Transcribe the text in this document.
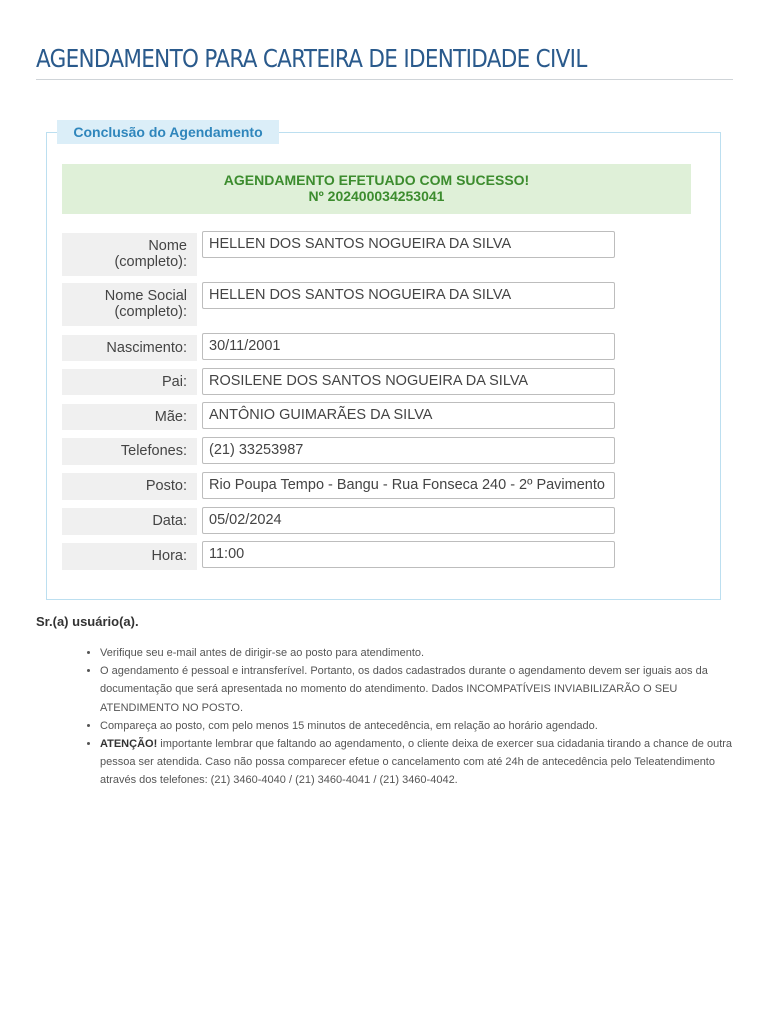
AGENDAMENTO PARA CARTEIRA DE IDENTIDADE CIVIL
Conclusão do Agendamento
AGENDAMENTO EFETUADO COM SUCESSO!
Nº 202400034253041
Nome
(completo):
HELLEN DOS SANTOS NOGUEIRA DA SILVA
Nome Social
(completo):
HELLEN DOS SANTOS NOGUEIRA DA SILVA
Nascimento:	30/11/2001
Pai:	ROSILENE DOS SANTOS NOGUEIRA DA SILVA
Mãe:	ANTÔNIO GUIMARÃES DA SILVA
Telefones:	(21) 33253987
Posto:	Rio Poupa Tempo - Bangu - Rua Fonseca 240 - 2º Pavimento
Data:	05/02/2024
Hora:	11:00
Sr.(a) usuário(a).
• Verifique seu e-mail antes de dirigir-se ao posto para atendimento.
• O agendamento é pessoal e intransferível. Portanto, os dados cadastrados durante o agendamento devem ser iguais aos da documentação que será apresentada no momento do atendimento. Dados INCOMPATÍVEIS INVIABILIZARÃO O SEU ATENDIMENTO NO POSTO.
• Compareça ao posto, com pelo menos 15 minutos de antecedência, em relação ao horário agendado.
• ATENÇÃO! importante lembrar que faltando ao agendamento, o cliente deixa de exercer sua cidadania tirando a chance de outra pessoa ser atendida. Caso não possa comparecer efetue o cancelamento com até 24h de antecedência pelo Teleatendimento através dos telefones: (21) 3460-4040 / (21) 3460-4041 / (21) 3460-4042.
